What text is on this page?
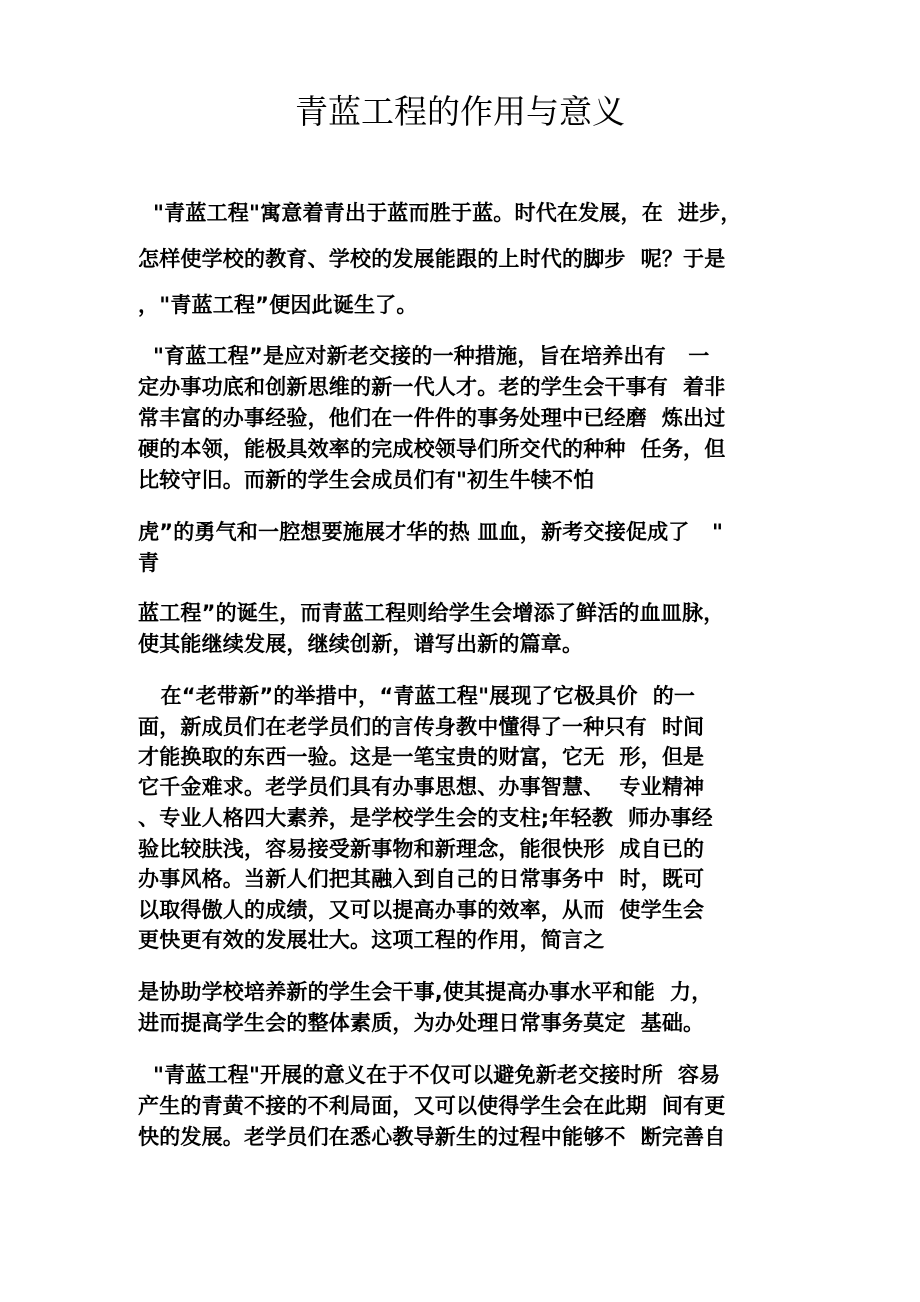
青蓝工程的作用与意义

"青蓝工程"寓意着青出于蓝而胜于蓝。时代在发展，在  进步，

怎样使学校的教育、学校的发展能跟的上时代的脚步  呢？于是

，"青蓝工程”便因此诞生了。

"育蓝工程”是应对新老交接的一种措施，旨在培养出有   一

定办事功底和创新思维的新一代人才。老的学生会干事有  着非

常丰富的办事经验，他们在一件件的事务处理中已经磨  炼出过

硬的本领，能极具效率的完成校领导们所交代的种种  任务，但

比较守旧。而新的学生会成员们有"初生牛犊不怕

虎”的勇气和一腔想要施展才华的热 皿血，新考交接促成了   "

青

蓝工程”的诞生，而青蓝工程则给学生会增添了鲜活的血皿脉，

使其能继续发展，继续创新，谱写出新的篇章。

在“老带新”的举措中，“青蓝工程"展现了它极具价  的一

面，新成员们在老学员们的言传身教中懂得了一种只有  时间

才能换取的东西一验。这是一笔宝贵的财富，它无  形，但是

它千金难求。老学员们具有办事思想、办事智慧、  专业精神

、专业人格四大素养，是学校学生会的支柱;年轻教  师办事经

验比较肤浅，容易接受新事物和新理念，能很快形  成自已的

办事风格。当新人们把其融入到自己的日常事务中  时，既可

以取得傲人的成绩，又可以提高办事的效率，从而  使学生会

更快更有效的发展壮大。这项工程的作用，简言之

是协助学校培养新的学生会干事,使其提高办事水平和能  力，

进而提高学生会的整体素质，为办处理日常事务莫定  基础。

"青蓝工程"开展的意义在于不仅可以避免新老交接时所  容易

产生的青黄不接的不利局面，又可以使得学生会在此期  间有更

快的发展。老学员们在悉心教导新生的过程中能够不  断完善自
